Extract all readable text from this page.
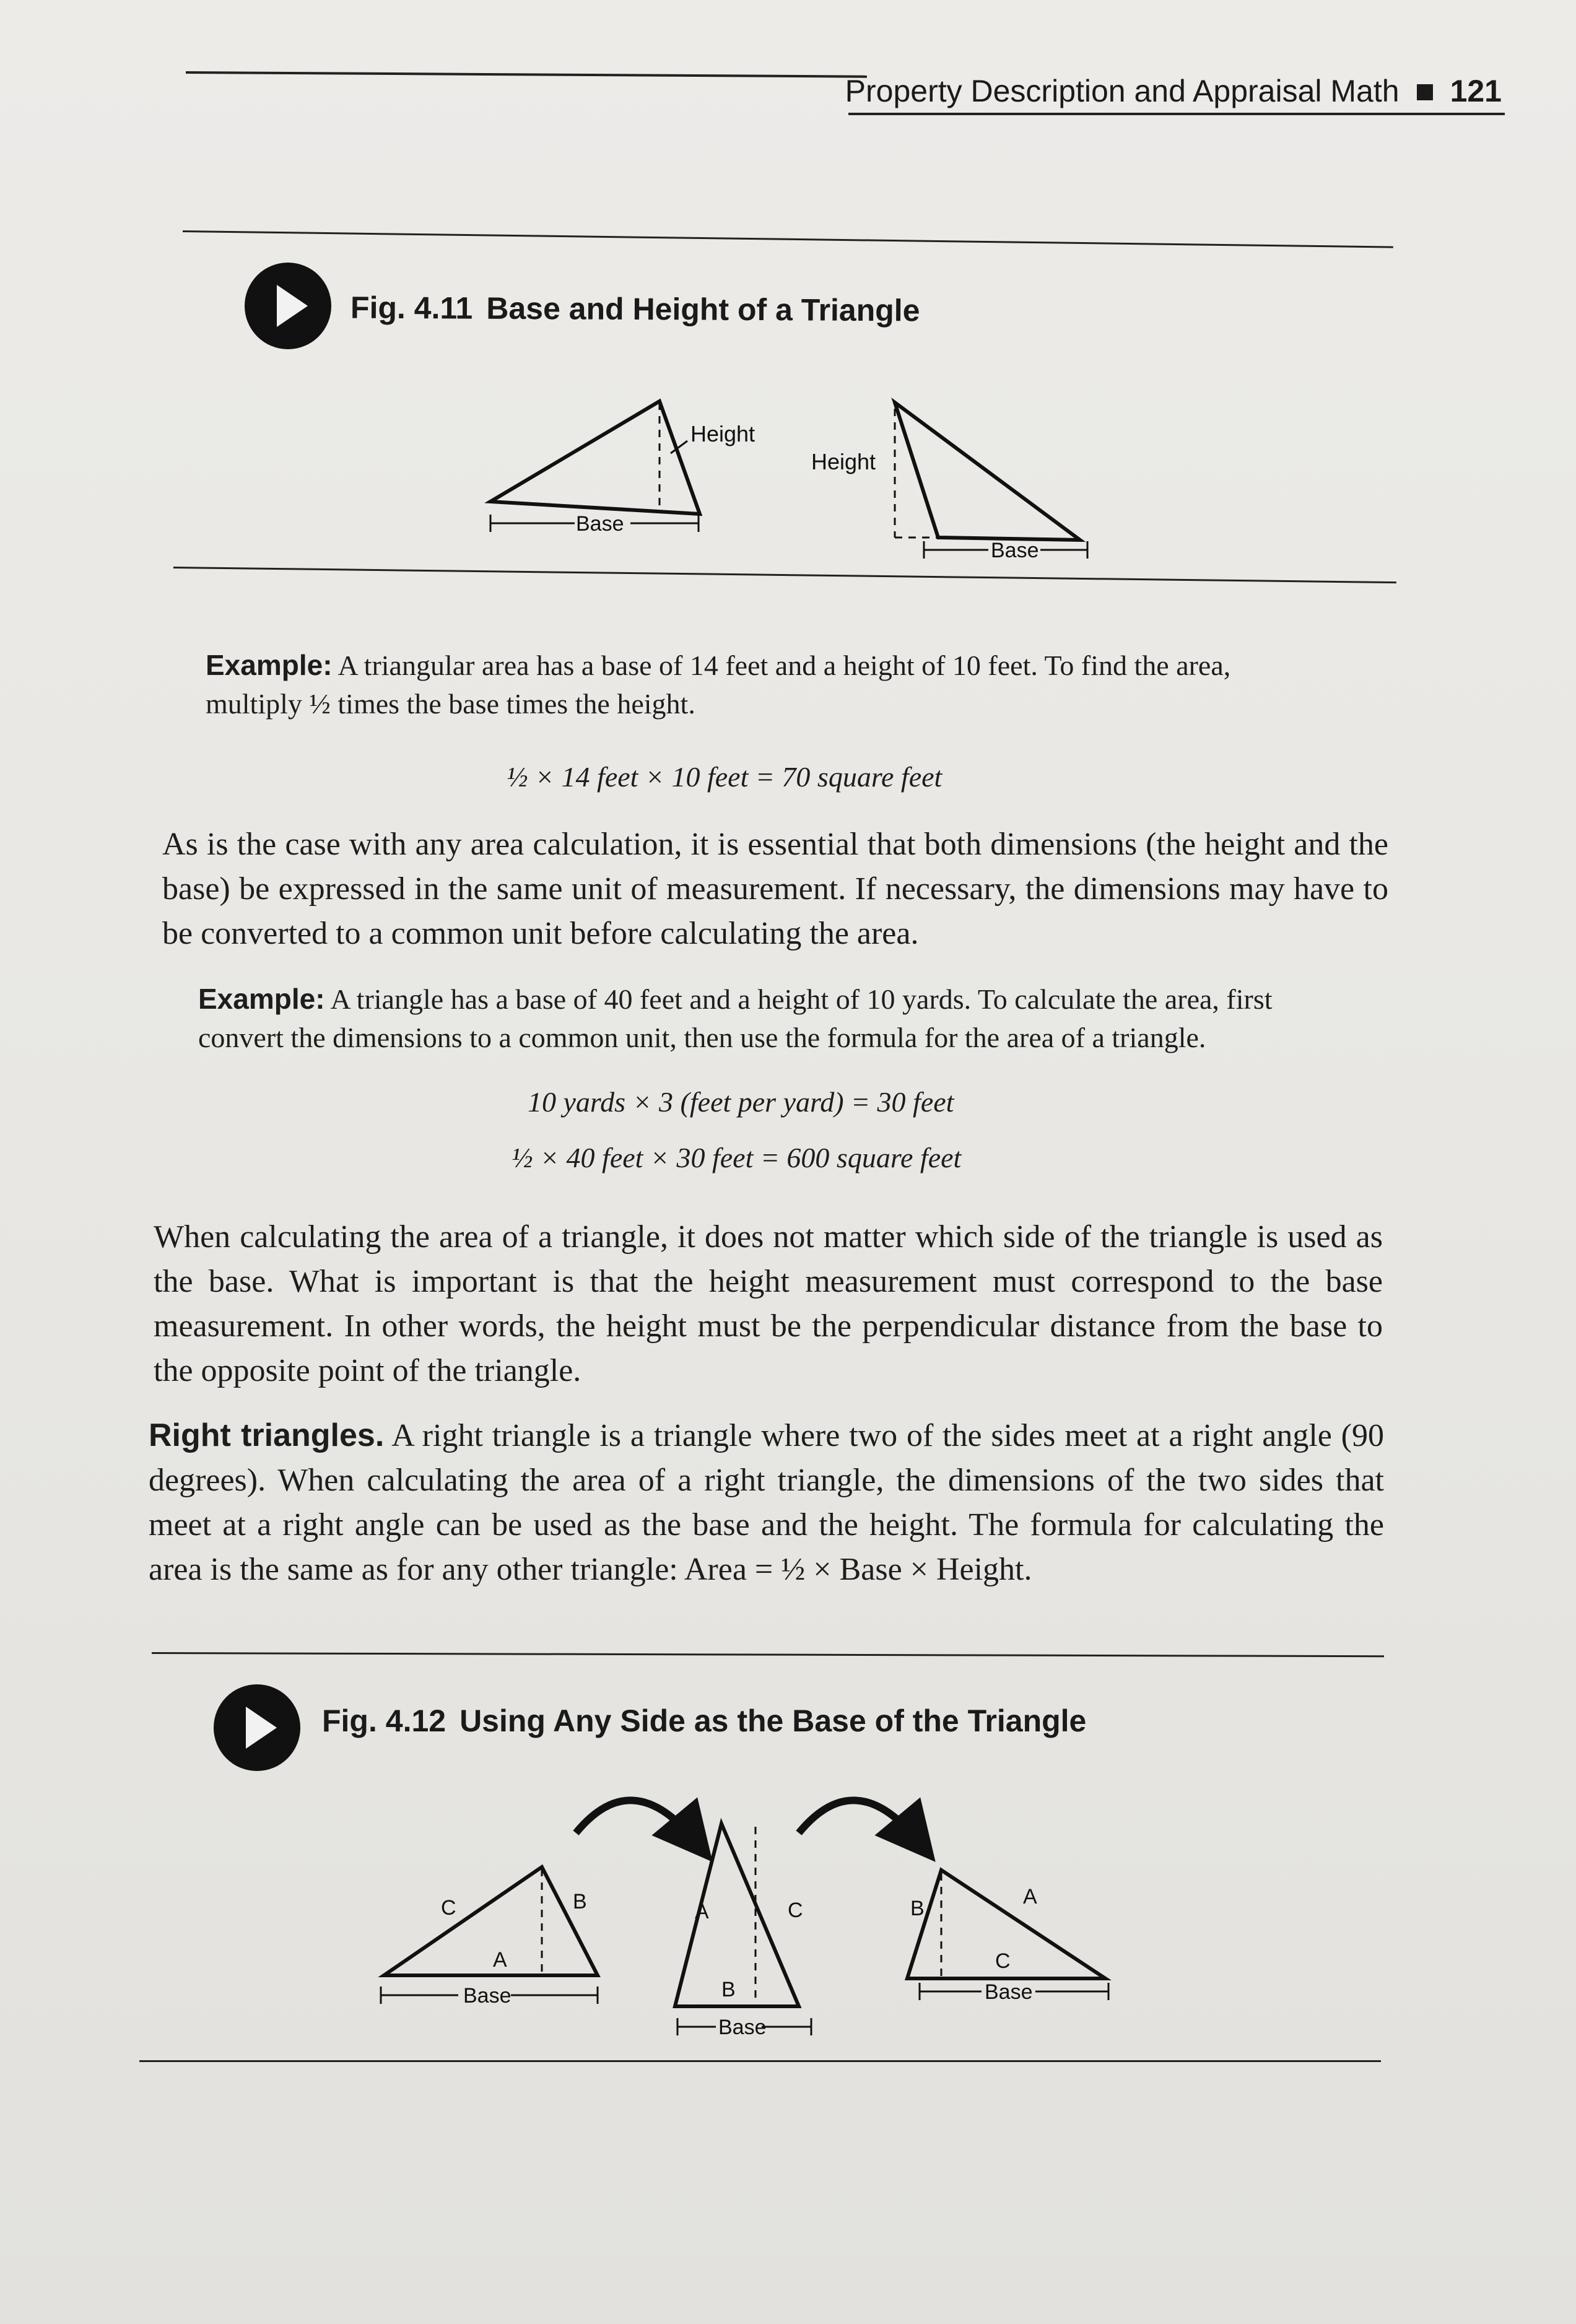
Property Description and Appraisal Math 121
Fig. 4.11 Base and Height of a Triangle
Height
Base
Height
Base
Example: A triangular area has a base of 14 feet and a height of 10 feet. To find the area, multiply ½ times the base times the height.
½ × 14 feet × 10 feet = 70 square feet
As is the case with any area calculation, it is essential that both dimensions (the height and the base) be expressed in the same unit of measurement. If necessary, the dimensions may have to be converted to a common unit before calculating the area.
Example: A triangle has a base of 40 feet and a height of 10 yards. To calculate the area, first convert the dimensions to a common unit, then use the formula for the area of a triangle.
10 yards × 3 (feet per yard) = 30 feet
½ × 40 feet × 30 feet = 600 square feet
When calculating the area of a triangle, it does not matter which side of the triangle is used as the base. What is important is that the height measurement must correspond to the base measurement. In other words, the height must be the perpendicular distance from the base to the opposite point of the triangle.
Right triangles. A right triangle is a triangle where two of the sides meet at a right angle (90 degrees). When calculating the area of a right triangle, the dimensions of the two sides that meet at a right angle can be used as the base and the height. The formula for calculating the area is the same as for any other triangle: Area = ½ × Base × Height.
Fig. 4.12 Using Any Side as the Base of the Triangle
C	B
A
Base
A	C
B
Base
B	A
C
Base
